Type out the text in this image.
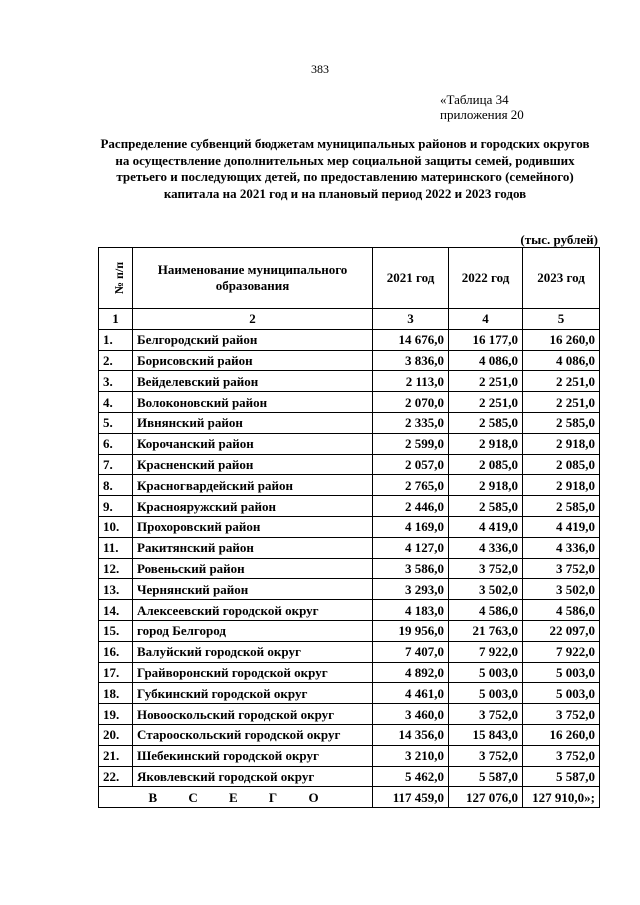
383
«Таблица 34
приложения 20
Распределение субвенций бюджетам муниципальных районов и городских округов на осуществление дополнительных мер социальной защиты семей, родивших третьего и последующих детей, по предоставлению материнского (семейного) капитала на 2021 год и на плановый период 2022 и 2023 годов
(тыс. рублей)
№ п/п	Наименование муниципального образования	2021 год	2022 год	2023 год
1	2	3	4	5
1.	Белгородский район	14 676,0	16 177,0	16 260,0
2.	Борисовский район	3 836,0	4 086,0	4 086,0
3.	Вейделевский район	2 113,0	2 251,0	2 251,0
4.	Волоконовский район	2 070,0	2 251,0	2 251,0
5.	Ивнянский район	2 335,0	2 585,0	2 585,0
6.	Корочанский район	2 599,0	2 918,0	2 918,0
7.	Красненский район	2 057,0	2 085,0	2 085,0
8.	Красногвардейский район	2 765,0	2 918,0	2 918,0
9.	Краснояружский район	2 446,0	2 585,0	2 585,0
10.	Прохоровский район	4 169,0	4 419,0	4 419,0
11.	Ракитянский район	4 127,0	4 336,0	4 336,0
12.	Ровеньский район	3 586,0	3 752,0	3 752,0
13.	Чернянский район	3 293,0	3 502,0	3 502,0
14.	Алексеевский городской округ	4 183,0	4 586,0	4 586,0
15.	город Белгород	19 956,0	21 763,0	22 097,0
16.	Валуйский городской округ	7 407,0	7 922,0	7 922,0
17.	Грайворонский городской округ	4 892,0	5 003,0	5 003,0
18.	Губкинский городской округ	4 461,0	5 003,0	5 003,0
19.	Новооскольский городской округ	3 460,0	3 752,0	3 752,0
20.	Старооскольский городской округ	14 356,0	15 843,0	16 260,0
21.	Шебекинский городской округ	3 210,0	3 752,0	3 752,0
22.	Яковлевский городской округ	5 462,0	5 587,0	5 587,0
В С Е Г О		117 459,0	127 076,0	127 910,0»;
